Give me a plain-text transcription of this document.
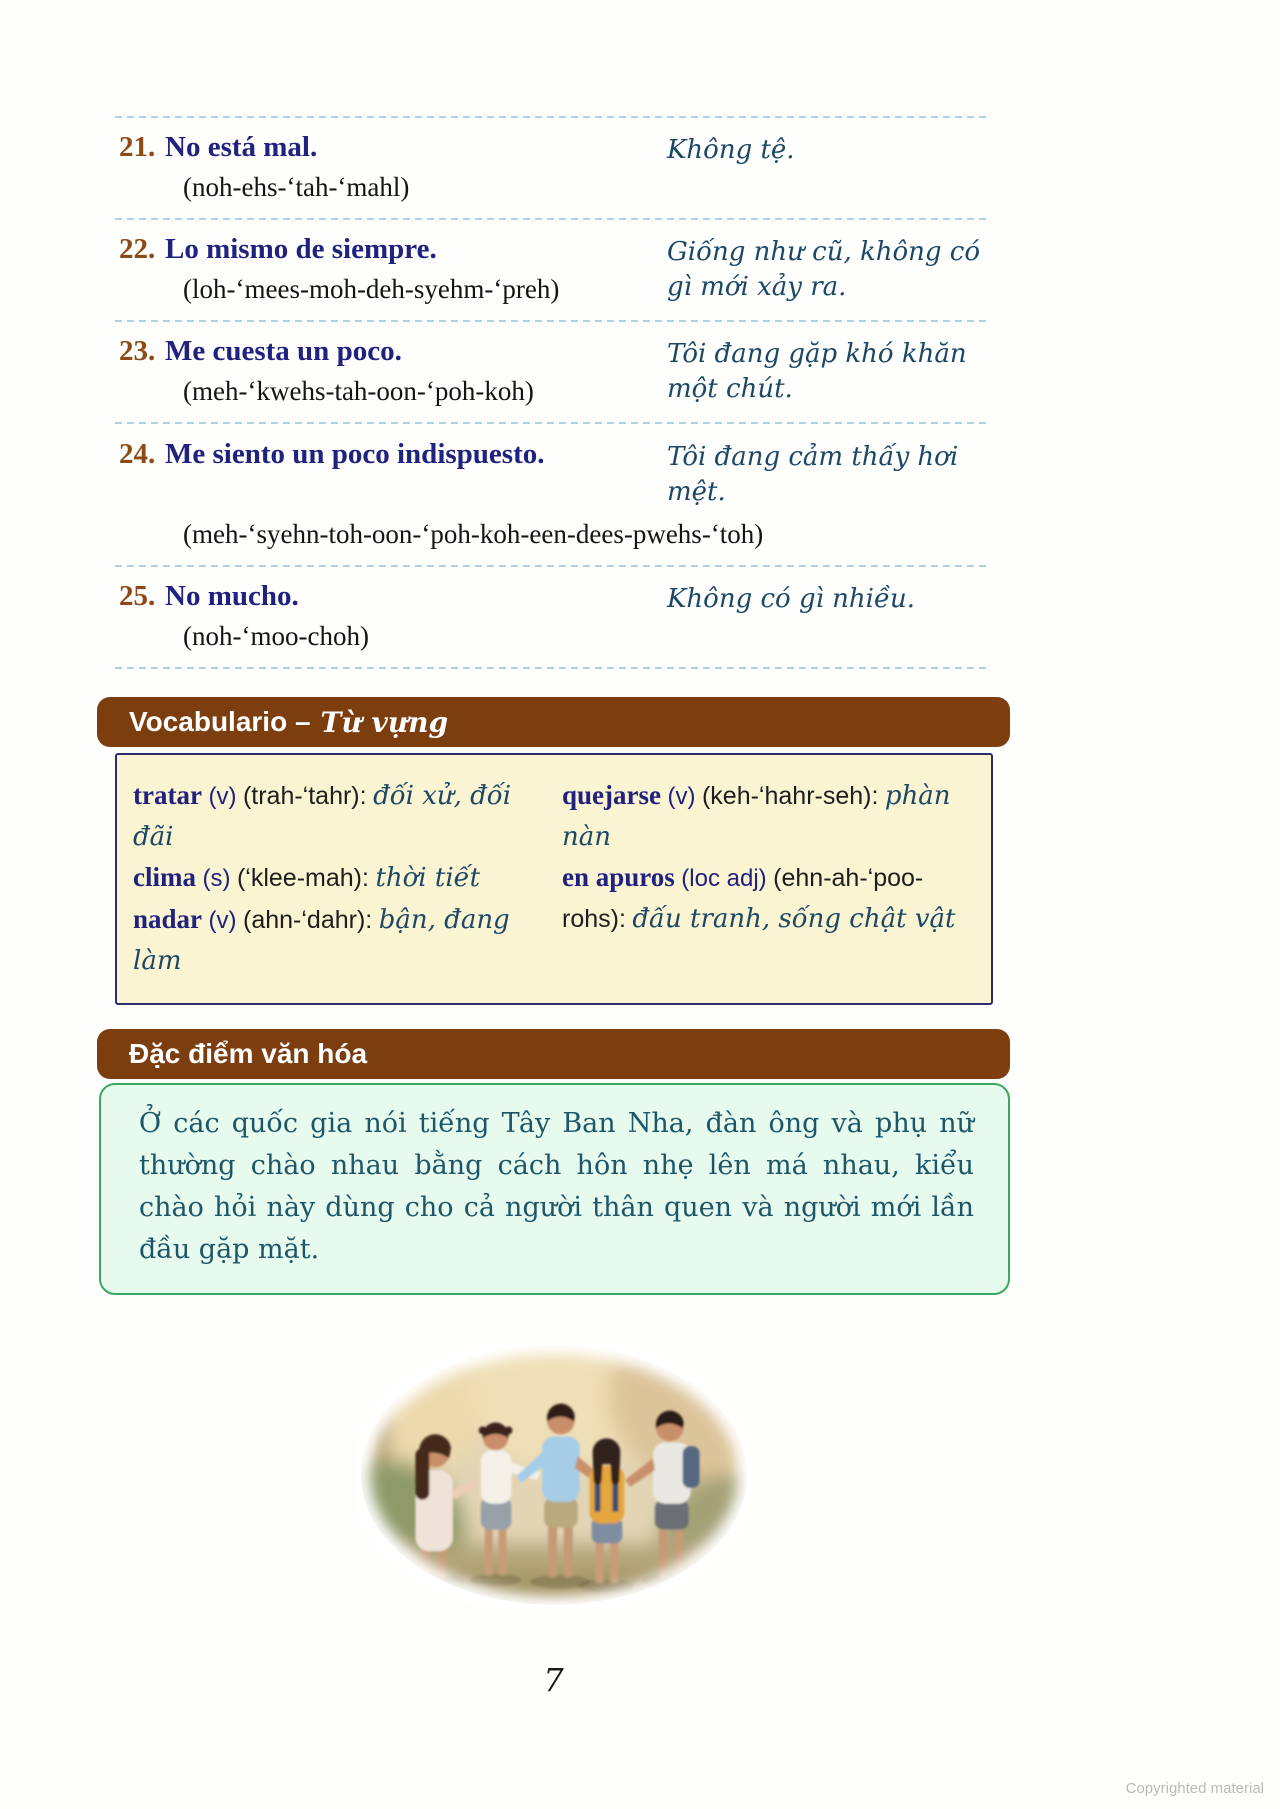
21. No está mal.
(noh-ehs-‘tah-‘mahl)
Không tệ.
22. Lo mismo de siempre.
(loh-‘mees-moh-deh-syehm-‘preh)
Giống như cũ, không có gì mới xảy ra.
23. Me cuesta un poco.
(meh-‘kwehs-tah-oon-‘poh-koh)
Tôi đang gặp khó khăn một chút.
24. Me siento un poco indispuesto.	Tôi đang cảm thấy hơi mệt.
(meh-‘syehn-toh-oon-‘poh-koh-een-dees-pwehs-‘toh)
25. No mucho.
(noh-‘moo-choh)
Không có gì nhiều.
Vocabulario – Từ vựng
tratar (v) (trah-‘tahr): đối xử, đối đãi
clima (s) (‘klee-mah): thời tiết
nadar (v) (ahn-‘dahr): bận, đang làm
quejarse (v) (keh-‘hahr-seh): phàn nàn
en apuros (loc adj) (ehn-ah-‘poo-rohs): đấu tranh, sống chật vật
Đặc điểm văn hóa

Ở các quốc gia nói tiếng Tây Ban Nha, đàn ông và phụ nữ thường chào nhau bằng cách hôn nhẹ lên má nhau, kiểu chào hỏi này dùng cho cả người thân quen và người mới lần đầu gặp mặt.

7
Copyrighted material
